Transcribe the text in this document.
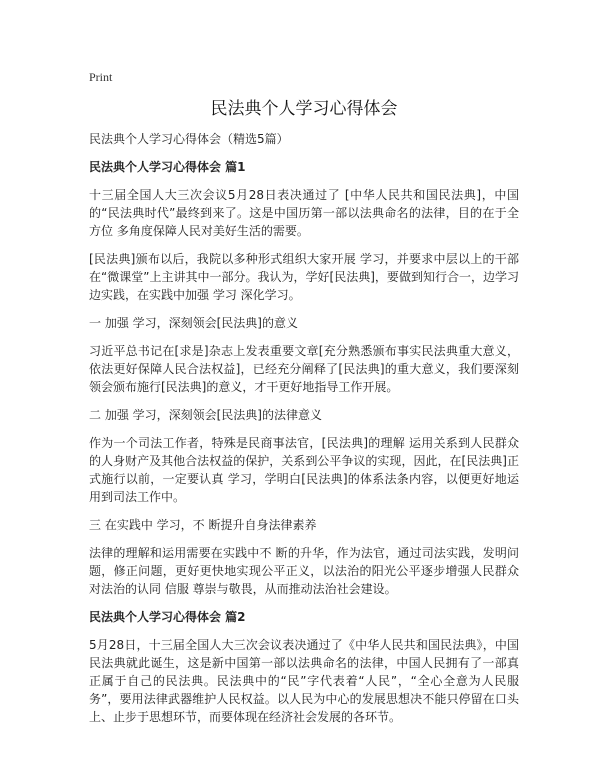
Print
民法典个人学习心得体会

民法典个人学习心得体会（精选5篇）

民法典个人学习心得体会 篇1

十三届全国人大三次会议5月28日表决通过了 [中华人民共和国民法典]，中国的“民法典时代”最终到来了。这是中国历第一部以法典命名的法律，目的在于全方位 多角度保障人民对美好生活的需要。

[民法典]颁布以后，我院以多种形式组织大家开展 学习，并要求中层以上的干部在“微课堂”上主讲其中一部分。我认为，学好[民法典]，要做到知行合一，边学习边实践，在实践中加强 学习 深化学习。

一 加强 学习，深刻领会[民法典]的意义

习近平总书记在[求是]杂志上发表重要文章[充分熟悉颁布事实民法典重大意义，依法更好保障人民合法权益]，已经充分阐释了[民法典]的重大意义，我们要深刻领会颁布施行[民法典]的意义，才干更好地指导工作开展。

二 加强 学习，深刻领会[民法典]的法律意义

作为一个司法工作者，特殊是民商事法官，[民法典]的理解 运用关系到人民群众的人身财产及其他合法权益的保护，关系到公平争议的实现，因此，在[民法典]正式施行以前，一定要认真 学习，学明白[民法典]的体系法条内容，以便更好地运用到司法工作中。

三 在实践中 学习，不 断提升自身法律素养

法律的理解和运用需要在实践中不 断的升华，作为法官，通过司法实践，发明问题，修正问题，更好更快地实现公平正义，以法治的阳光公平逐步增强人民群众对法治的认同 信服 尊崇与敬畏，从而推动法治社会建设。

民法典个人学习心得体会 篇2

5月28日，十三届全国人大三次会议表决通过了《中华人民共和国民法典》，中国民法典就此诞生，这是新中国第一部以法典命名的法律，中国人民拥有了一部真正属于自己的民法典。民法典中的“民”字代表着“人民”，“全心全意为人民服务”，要用法律武器维护人民权益。以人民为中心的发展思想决不能只停留在口头上、止步于思想环节，而要体现在经济社会发展的各环节。
